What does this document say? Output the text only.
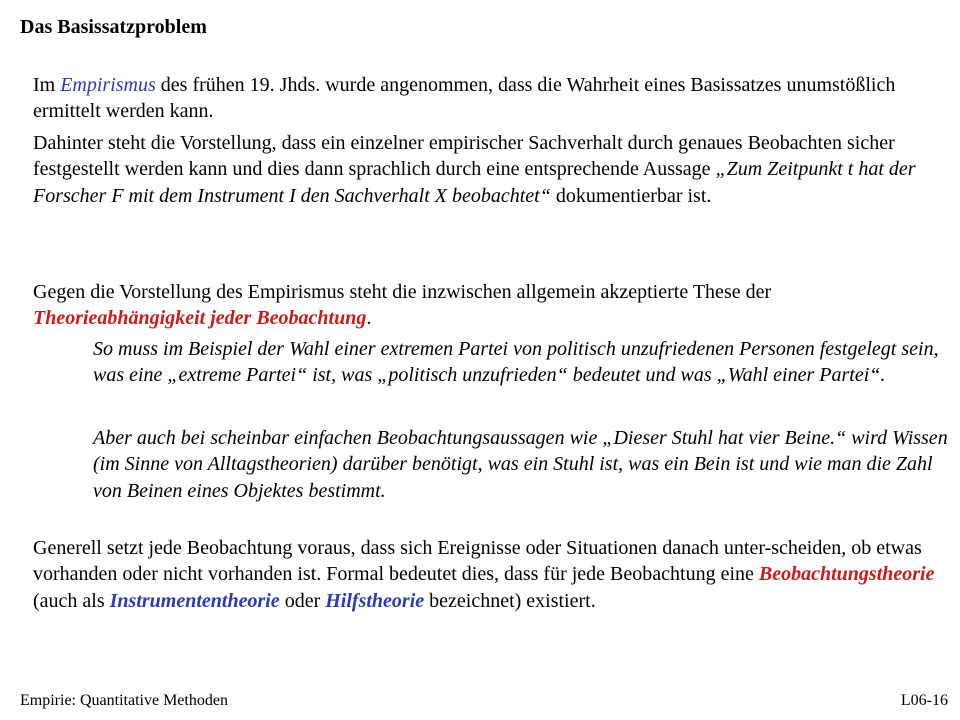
Das Basissatzproblem
Im Empirismus des frühen 19. Jhds. wurde angenommen, dass die Wahrheit eines Basissatzes unumstößlich ermittelt werden kann.
Dahinter steht die Vorstellung, dass ein einzelner empirischer Sachverhalt durch genaues Beobachten sicher festgestellt werden kann und dies dann sprachlich durch eine entsprechende Aussage „Zum Zeitpunkt t hat der Forscher F mit dem Instrument I den Sachverhalt X beobachtet“ dokumentierbar ist.
Gegen die Vorstellung des Empirismus steht die inzwischen allgemein akzeptierte These der Theorieabhängigkeit jeder Beobachtung.
So muss im Beispiel der Wahl einer extremen Partei von politisch unzufriedenen Personen festgelegt sein, was eine „extreme Partei“ ist, was „politisch unzufrieden“ bedeutet und was „Wahl einer Partei“.
Aber auch bei scheinbar einfachen Beobachtungsaussagen wie „Dieser Stuhl hat vier Beine.“ wird Wissen (im Sinne von Alltagstheorien) darüber benötigt, was ein Stuhl ist, was ein Bein ist und wie man die Zahl von Beinen eines Objektes bestimmt.
Generell setzt jede Beobachtung voraus, dass sich Ereignisse oder Situationen danach unter-scheiden, ob etwas vorhanden oder nicht vorhanden ist. Formal bedeutet dies, dass für jede Beobachtung eine Beobachtungstheorie (auch als Instrumententheorie oder Hilfstheorie bezeichnet) existiert.
Empirie: Quantitative Methoden	L06-16
